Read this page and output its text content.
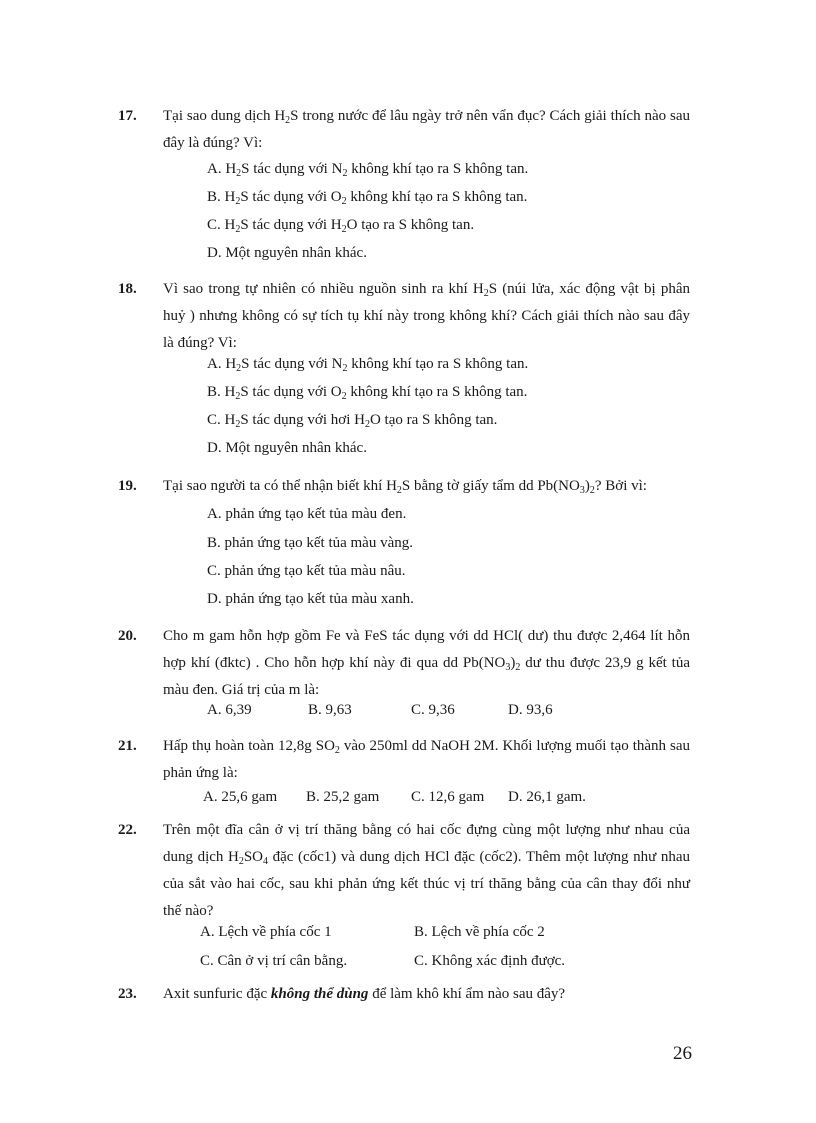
17. Tại sao dung dịch $H_2S$ trong nước để lâu ngày trở nên vẩn đục? Cách giải thích nào sau đây là đúng? Vì:
A. $H_2S$ tác dụng với $N_2$ không khí tạo ra S không tan.
B. $H_2S$ tác dụng với $O_2$ không khí tạo ra S không tan.
C. $H_2S$ tác dụng với $H_2O$ tạo ra S không tan.
D. Một nguyên nhân khác.
18. Vì sao trong tự nhiên có nhiều nguồn sinh ra khí $H_2S$ (núi lửa, xác động vật bị phân huỷ ) nhưng không có sự tích tụ khí này trong không khí? Cách giải thích nào sau đây là đúng? Vì:
A. $H_2S$ tác dụng với $N_2$ không khí tạo ra S không tan.
B. $H_2S$ tác dụng với $O_2$ không khí tạo ra S không tan.
C. $H_2S$ tác dụng với hơi $H_2O$ tạo ra S không tan.
D. Một nguyên nhân khác.
19. Tại sao người ta có thể nhận biết khí $H_2S$ bằng tờ giấy tẩm dd $Pb(NO_3)_2$? Bởi vì:
A. phản ứng tạo kết tủa màu đen.
B. phản ứng tạo kết tủa màu vàng.
C. phản ứng tạo kết tủa màu nâu.
D. phản ứng tạo kết tủa màu xanh.
20. Cho m gam hỗn hợp gồm Fe và FeS tác dụng với dd HCl( dư) thu được 2,464 lít hỗn hợp khí (đktc) . Cho hỗn hợp khí này đi qua dd $Pb(NO_3)_2$ dư thu được 23,9 g kết tủa màu đen. Giá trị của m là:
A. 6,39	B. 9,63	C. 9,36	D. 93,6
21. Hấp thụ hoàn toàn 12,8g $SO_2$ vào 250ml dd NaOH 2M. Khối lượng muối tạo thành sau phản ứng là:
A. 25,6 gam B. 25,2 gam C. 12,6 gam D. 26,1 gam.
22. Trên một đĩa cân ở vị trí thăng bằng có hai cốc đựng cùng một lượng như nhau của dung dịch $H_2SO_4$ đặc (cốc1) và dung dịch HCl đặc (cốc2). Thêm một lượng như nhau của sắt vào hai cốc, sau khi phản ứng kết thúc vị trí thăng bằng của cân thay đổi như thế nào?
A. Lệch về phía cốc 1	B. Lệch về phía cốc 2
C. Cân ở vị trí cân bằng.	C. Không xác định được.
23. Axit sunfuric đặc không thể dùng để làm khô khí ẩm nào sau đây?
26
